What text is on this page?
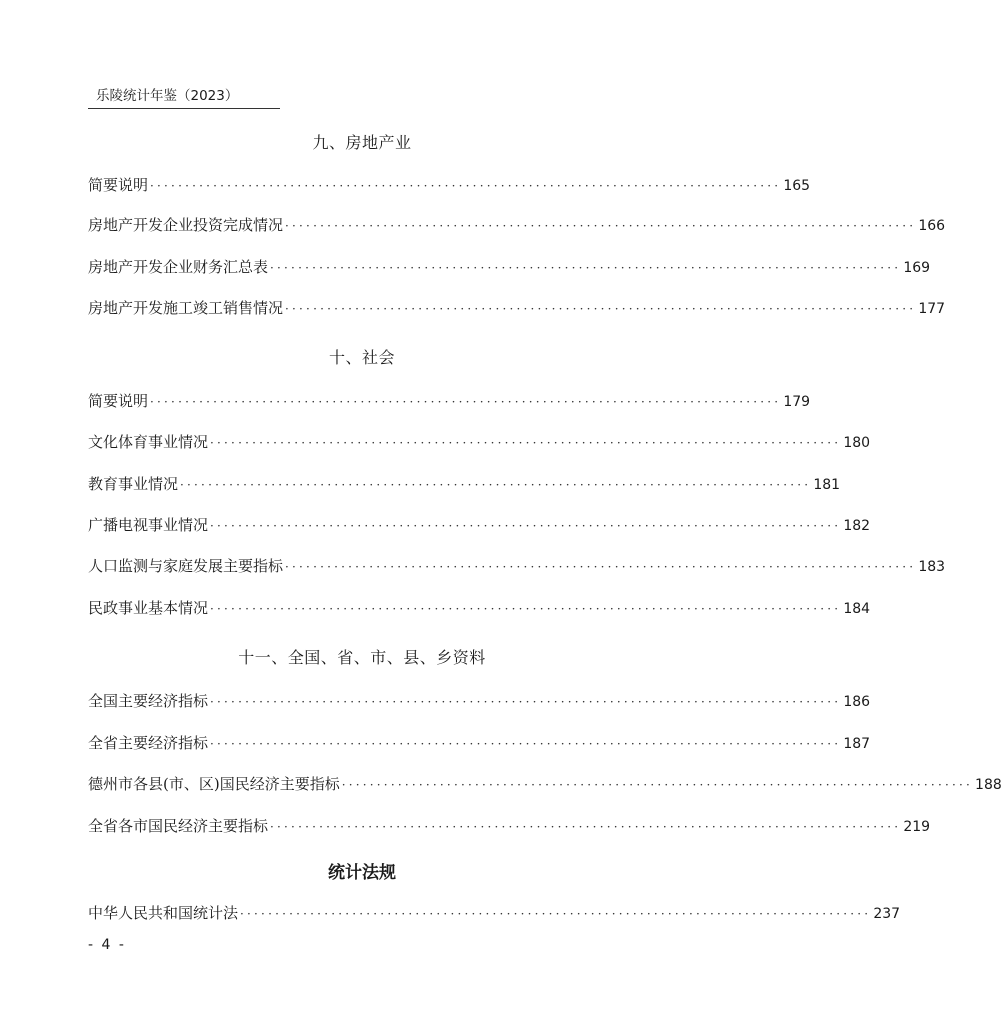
乐陵统计年鉴（2023）
九、房地产业
简要说明 ·························································································· 165
房地产开发企业投资完成情况 ·························································································· 166
房地产开发企业财务汇总表 ·························································································· 169
房地产开发施工竣工销售情况 ·························································································· 177
十、社会
简要说明 ·························································································· 179
文化体育事业情况 ·························································································· 180
教育事业情况 ·························································································· 181
广播电视事业情况 ·························································································· 182
人口监测与家庭发展主要指标 ·························································································· 183
民政事业基本情况 ·························································································· 184
十一、全国、省、市、县、乡资料
全国主要经济指标 ·························································································· 186
全省主要经济指标 ·························································································· 187
德州市各县(市、区)国民经济主要指标 ·························································································· 188
全省各市国民经济主要指标 ·························································································· 219
统计法规
中华人民共和国统计法 ·························································································· 237
- 4 -
